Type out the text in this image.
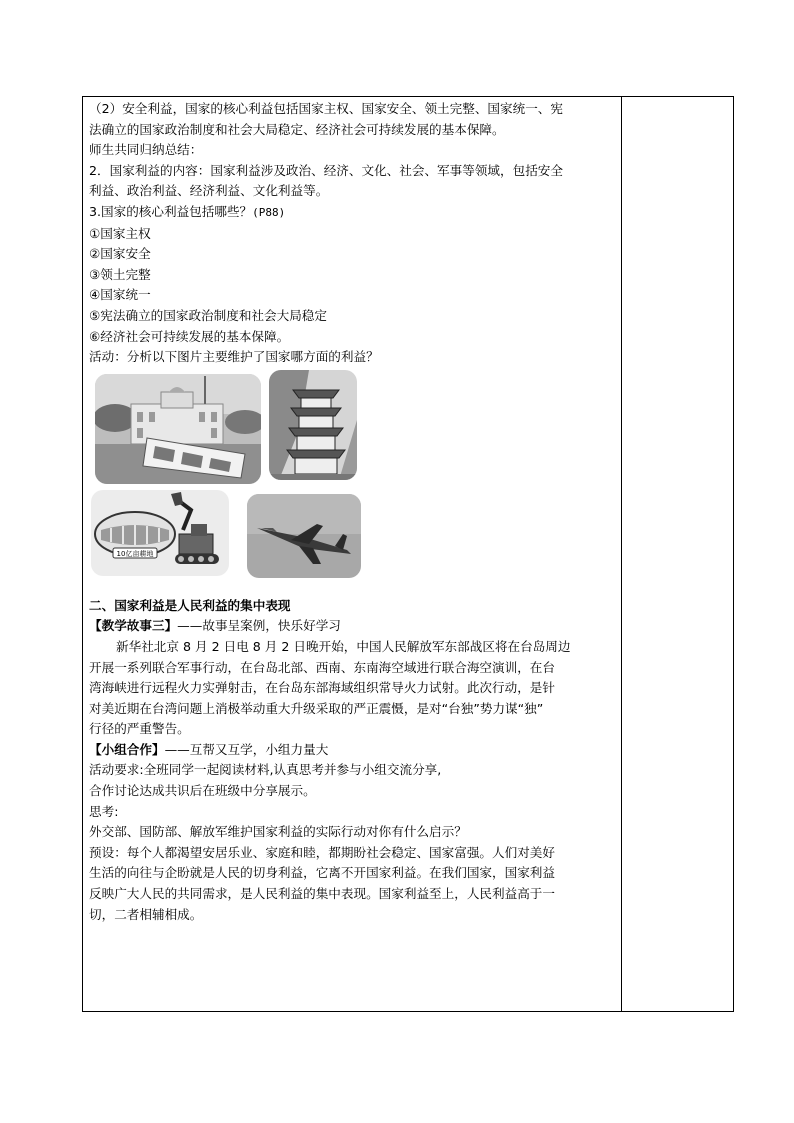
（2）安全利益，国家的核心利益包括国家主权、国家安全、领土完整、国家统一、宪

法确立的国家政治制度和社会大局稳定、经济社会可持续发展的基本保障。

师生共同归纳总结：

2．国家利益的内容：国家利益涉及政治、经济、文化、社会、军事等领域，包括安全

利益、政治利益、经济利益、文化利益等。

3.国家的核心利益包括哪些？(P88)

①国家主权

②国家安全

③领土完整

④国家统一

⑤宪法确立的国家政治制度和社会大局稳定

⑥经济社会可持续发展的基本保障。

活动：分析以下图片主要维护了国家哪方面的利益？

10亿亩耕地

二、国家利益是人民利益的集中表现

【教学故事三】——故事呈案例，快乐好学习

新华社北京 8 月 2 日电 8 月 2 日晚开始，中国人民解放军东部战区将在台岛周边

开展一系列联合军事行动，在台岛北部、西南、东南海空域进行联合海空演训，在台

湾海峡进行远程火力实弹射击，在台岛东部海域组织常导火力试射。此次行动，是针

对美近期在台湾问题上消极举动重大升级采取的严正震慑，是对“台独”势力谋“独”

行径的严重警告。

【小组合作】——互帮又互学，小组力量大

活动要求:全班同学一起阅读材料,认真思考并参与小组交流分享,

合作讨论达成共识后在班级中分享展示。

思考:

外交部、国防部、解放军维护国家利益的实际行动对你有什么启示？

预设：每个人都渴望安居乐业、家庭和睦，都期盼社会稳定、国家富强。人们对美好

生活的向往与企盼就是人民的切身利益，它离不开国家利益。在我们国家，国家利益

反映广大人民的共同需求，是人民利益的集中表现。国家利益至上，人民利益高于一

切，二者相辅相成。
